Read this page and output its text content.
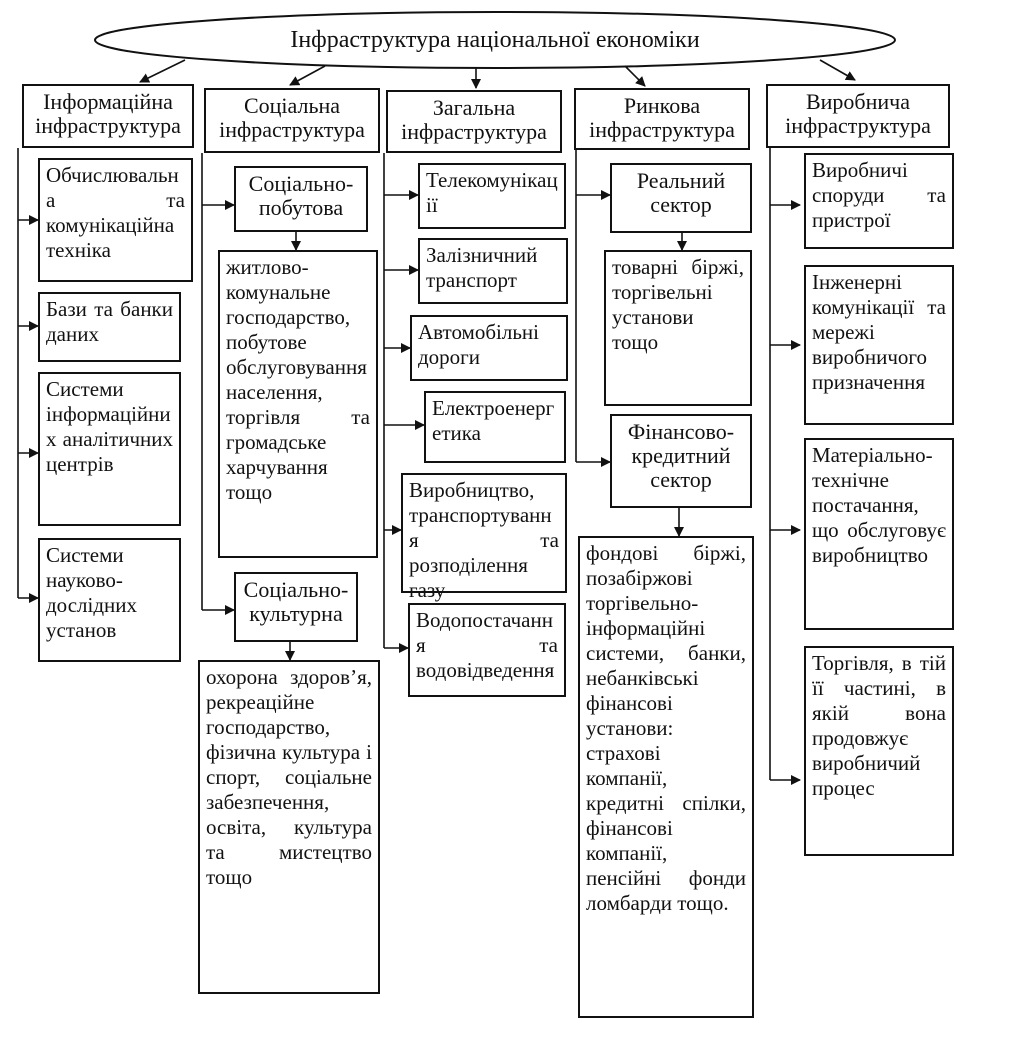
Інфраструктура національної економіки
Інформаційна інфраструктура
Обчислювальна та комунікаційна техніка
Бази та банки даних
Системи інформаційних аналітичних центрів
Системи науково-дослідних установ
Соціальна інфраструктура
Соціально-побутова
житлово-комунальне господарство, побутове обслуговування населення, торгівля та громадське харчування тощо
Соціально-культурна
охорона здоров’я, рекреаційне господарство, фізична культура і спорт, соціальне забезпечення, освіта, культура та мистецтво тощо
Загальна інфраструктура
Телекомунікації
Залізничний транспорт
Автомобільні дороги
Електроенергетика
Виробництво, транспортування та розподілення газу
Водопостачання та водовідведення
Ринкова інфраструктура
Реальний сектор
товарні біржі, торгівельні установи тощо
Фінансово-кредитний сектор
фондові біржі, позабіржові торгівельно-інформаційні системи, банки, небанківські фінансові установи: страхові компанії, кредитні спілки, фінансові компанії, пенсійні фонди ломбарди тощо.
Виробнича інфраструктура
Виробничі споруди та пристрої
Інженерні комунікації та мережі виробничого призначення
Матеріально-технічне постачання, що обслуговує виробництво
Торгівля, в тій її частині, в якій вона продовжує виробничий процес
